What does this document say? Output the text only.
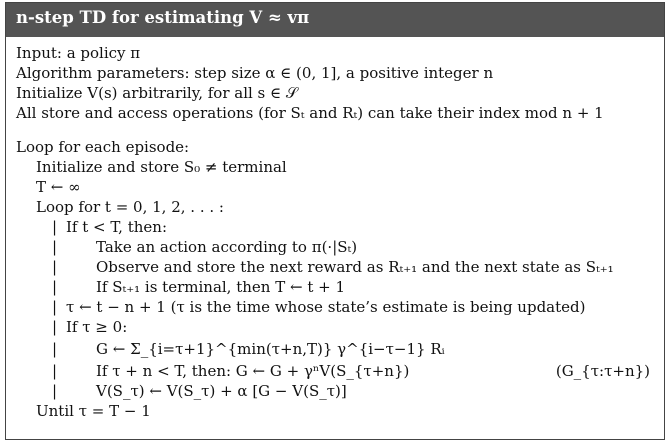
n-step TD for estimating V ≈ vπ
Input: a policy π
Algorithm parameters: step size α ∈ (0, 1], a positive integer n
Initialize V(s) arbitrarily, for all s ∈ 𝒮
All store and access operations (for Sₜ and Rₜ) can take their index mod n + 1
Loop for each episode:
Initialize and store S₀ ≠ terminal
T ← ∞
Loop for t = 0, 1, 2, . . . :
| If t < T, then:
|	Take an action according to π(·|Sₜ)
|	Observe and store the next reward as Rₜ₊₁ and the next state as Sₜ₊₁
|	If Sₜ₊₁ is terminal, then T ← t + 1
| τ ← t − n + 1 (τ is the time whose state’s estimate is being updated)
| If τ ≥ 0:
|	G ← Σ_{i=τ+1}^{min(τ+n,T)} γ^{i−τ−1} Rᵢ
|	If τ + n < T, then: G ← G + γⁿV(S_{τ+n})	(G_{τ:τ+n})
|	V(S_τ) ← V(S_τ) + α [G − V(S_τ)]
Until τ = T − 1
